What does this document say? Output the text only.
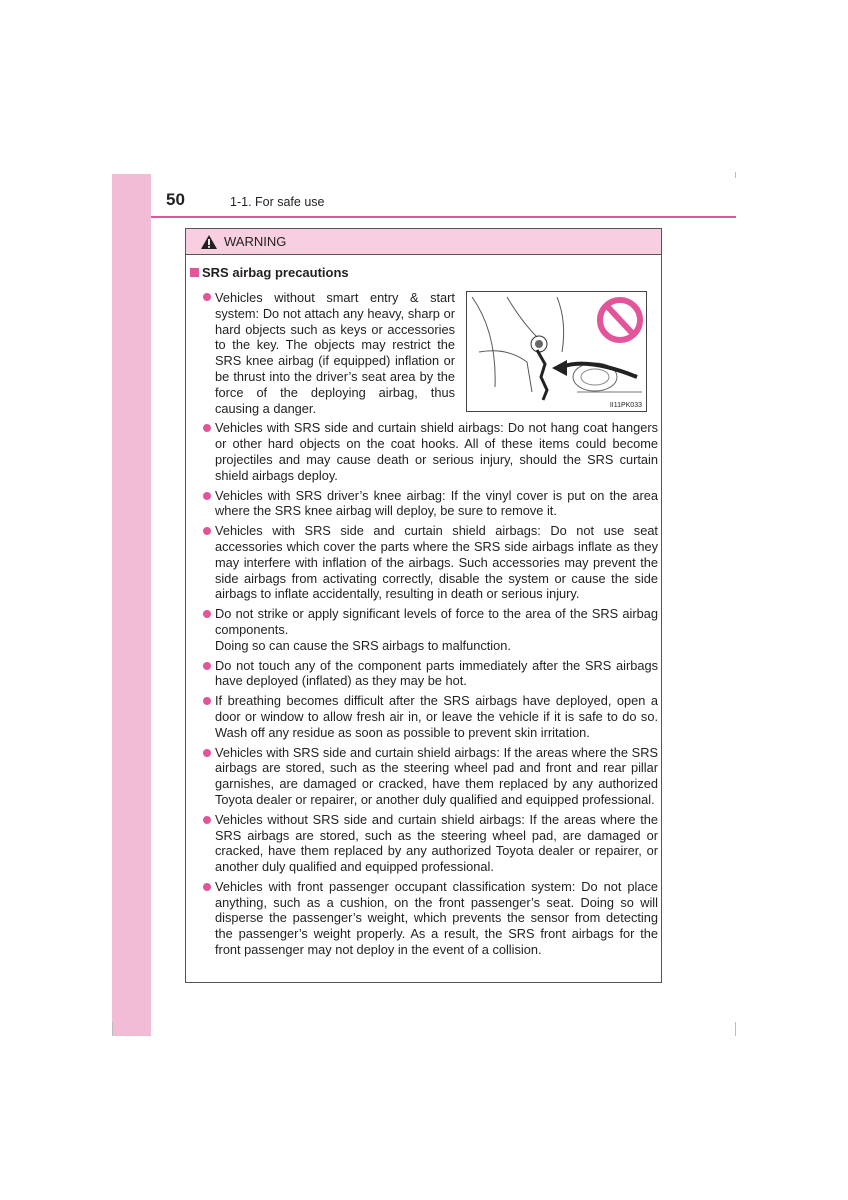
50	1-1. For safe use
WARNING
SRS airbag precautions
II11PK033
Vehicles without smart entry & start system: Do not attach any heavy, sharp or hard objects such as keys or accessories to the key. The objects may restrict the SRS knee airbag (if equipped) inflation or be thrust into the driver’s seat area by the force of the deploying airbag, thus causing a danger.
Vehicles with SRS side and curtain shield airbags: Do not hang coat hangers or other hard objects on the coat hooks. All of these items could become projectiles and may cause death or serious injury, should the SRS curtain shield airbags deploy.
Vehicles with SRS driver’s knee airbag: If the vinyl cover is put on the area where the SRS knee airbag will deploy, be sure to remove it.
Vehicles with SRS side and curtain shield airbags: Do not use seat accessories which cover the parts where the SRS side airbags inflate as they may interfere with inflation of the airbags. Such accessories may prevent the side airbags from activating correctly, disable the system or cause the side airbags to inflate accidentally, resulting in death or serious injury.
Do not strike or apply significant levels of force to the area of the SRS airbag components.
Doing so can cause the SRS airbags to malfunction.
Do not touch any of the component parts immediately after the SRS airbags have deployed (inflated) as they may be hot.
If breathing becomes difficult after the SRS airbags have deployed, open a door or window to allow fresh air in, or leave the vehicle if it is safe to do so. Wash off any residue as soon as possible to prevent skin irritation.
Vehicles with SRS side and curtain shield airbags: If the areas where the SRS airbags are stored, such as the steering wheel pad and front and rear pillar garnishes, are damaged or cracked, have them replaced by any authorized Toyota dealer or repairer, or another duly qualified and equipped professional.
Vehicles without SRS side and curtain shield airbags: If the areas where the SRS airbags are stored, such as the steering wheel pad, are damaged or cracked, have them replaced by any authorized Toyota dealer or repairer, or another duly qualified and equipped professional.
Vehicles with front passenger occupant classification system: Do not place anything, such as a cushion, on the front passenger’s seat. Doing so will disperse the passenger’s weight, which prevents the sensor from detecting the passenger’s weight properly. As a result, the SRS front airbags for the front passenger may not deploy in the event of a collision.
